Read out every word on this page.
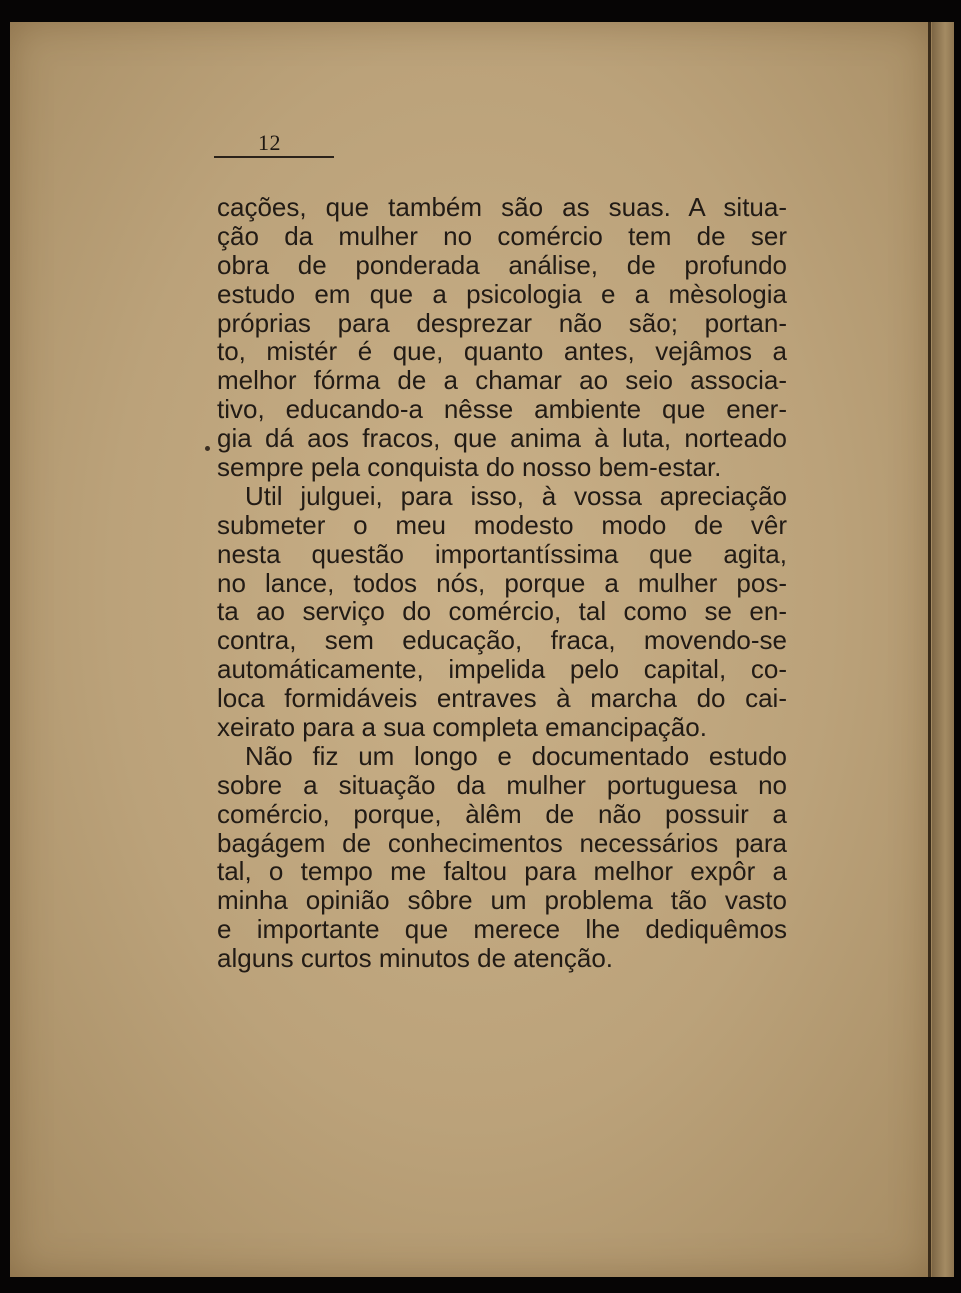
12
cações, que também são as suas. A situa-
ção da mulher no comércio tem de ser
obra de ponderada análise, de profundo
estudo em que a psicologia e a mèsologia
próprias para desprezar não são; portan-
to, mistér é que, quanto antes, vejâmos a
melhor fórma de a chamar ao seio associa-
tivo, educando-a nêsse ambiente que ener-
gia dá aos fracos, que anima à luta, norteado
sempre pela conquista do nosso bem-estar.
Util julguei, para isso, à vossa apreciação
submeter o meu modesto modo de vêr
nesta questão importantíssima que agita,
no lance, todos nós, porque a mulher pos-
ta ao serviço do comércio, tal como se en-
contra, sem educação, fraca, movendo-se
automáticamente, impelida pelo capital, co-
loca formidáveis entraves à marcha do cai-
xeirato para a sua completa emancipação.
Não fiz um longo e documentado estudo
sobre a situação da mulher portuguesa no
comércio, porque, àlêm de não possuir a
bagágem de conhecimentos necessários para
tal, o tempo me faltou para melhor expôr a
minha opinião sôbre um problema tão vasto
e importante que merece lhe dediquêmos
alguns curtos minutos de atenção.
